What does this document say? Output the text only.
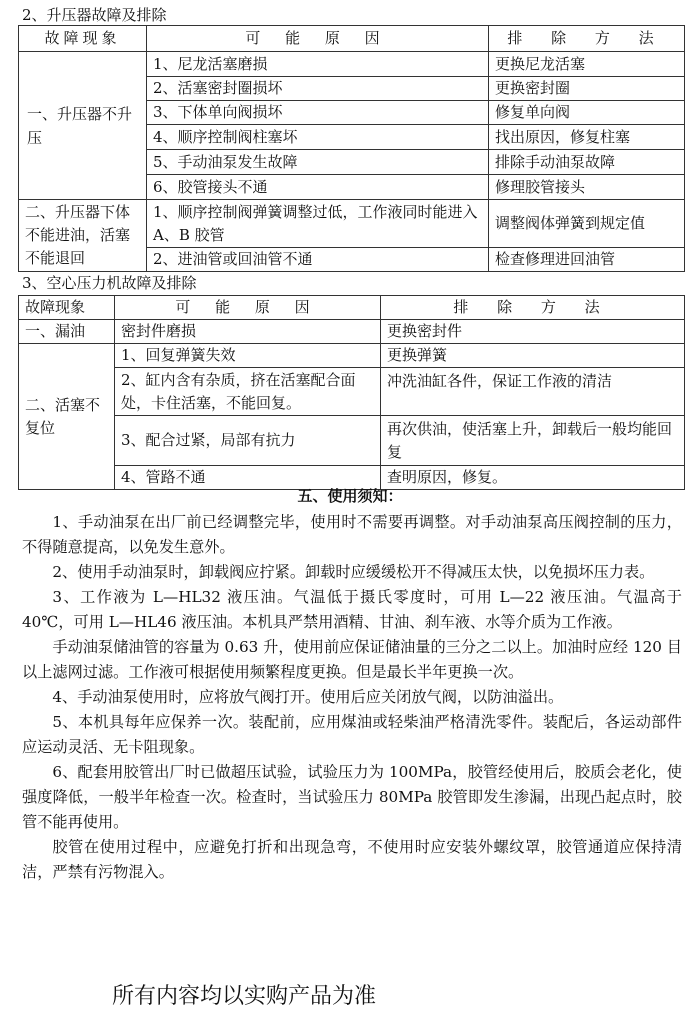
2、升压器故障及排除
故障现象	可 能 原 因	排 除 方 法
一、升压器不升压	1、尼龙活塞磨损	更换尼龙活塞
	2、活塞密封圈损坏	更换密封圈
	3、下体单向阀损坏	修复单向阀
	4、顺序控制阀柱塞坏	找出原因，修复柱塞
	5、手动油泵发生故障	排除手动油泵故障
	6、胶管接头不通	修理胶管接头
二、升压器下体不能进油，活塞不能退回	1、顺序控制阀弹簧调整过低，工作液同时能进入 A、B 胶管	调整阀体弹簧到规定值
	2、进油管或回油管不通	检查修理进回油管
3、空心压力机故障及排除
故障现象	可 能 原 因	排 除 方 法
一、漏油	密封件磨损	更换密封件
二、活塞不复位	1、回复弹簧失效	更换弹簧
	2、缸内含有杂质，挤在活塞配合面处，卡住活塞，不能回复。	冲洗油缸各件，保证工作液的清洁
	3、配合过紧，局部有抗力	再次供油，使活塞上升，卸载后一般均能回复
	4、管路不通	查明原因，修复。
五、使用须知：

1、手动油泵在出厂前已经调整完毕，使用时不需要再调整。对手动油泵高压阀控制的压力，不得随意提高，以免发生意外。

2、使用手动油泵时，卸载阀应拧紧。卸载时应缓缓松开不得减压太快，以免损坏压力表。

3、工作液为 L—HL32 液压油。气温低于摄氏零度时，可用 L—22 液压油。气温高于 40℃，可用 L—HL46 液压油。本机具严禁用酒精、甘油、刹车液、水等介质为工作液。

手动油泵储油管的容量为 0.63 升，使用前应保证储油量的三分之二以上。加油时应经 120 目以上滤网过滤。工作液可根据使用频繁程度更换。但是最长半年更换一次。

4、手动油泵使用时，应将放气阀打开。使用后应关闭放气阀，以防油溢出。

5、本机具每年应保养一次。装配前，应用煤油或轻柴油严格清洗零件。装配后，各运动部件应运动灵活、无卡阻现象。

6、配套用胶管出厂时已做超压试验，试验压力为 100MPa，胶管经使用后，胶质会老化，使强度降低，一般半年检查一次。检查时，当试验压力 80MPa 胶管即发生渗漏，出现凸起点时，胶管不能再使用。

胶管在使用过程中，应避免打折和出现急弯，不使用时应安装外螺纹罩，胶管通道应保持清洁，严禁有污物混入。

所有内容均以实购产品为准
